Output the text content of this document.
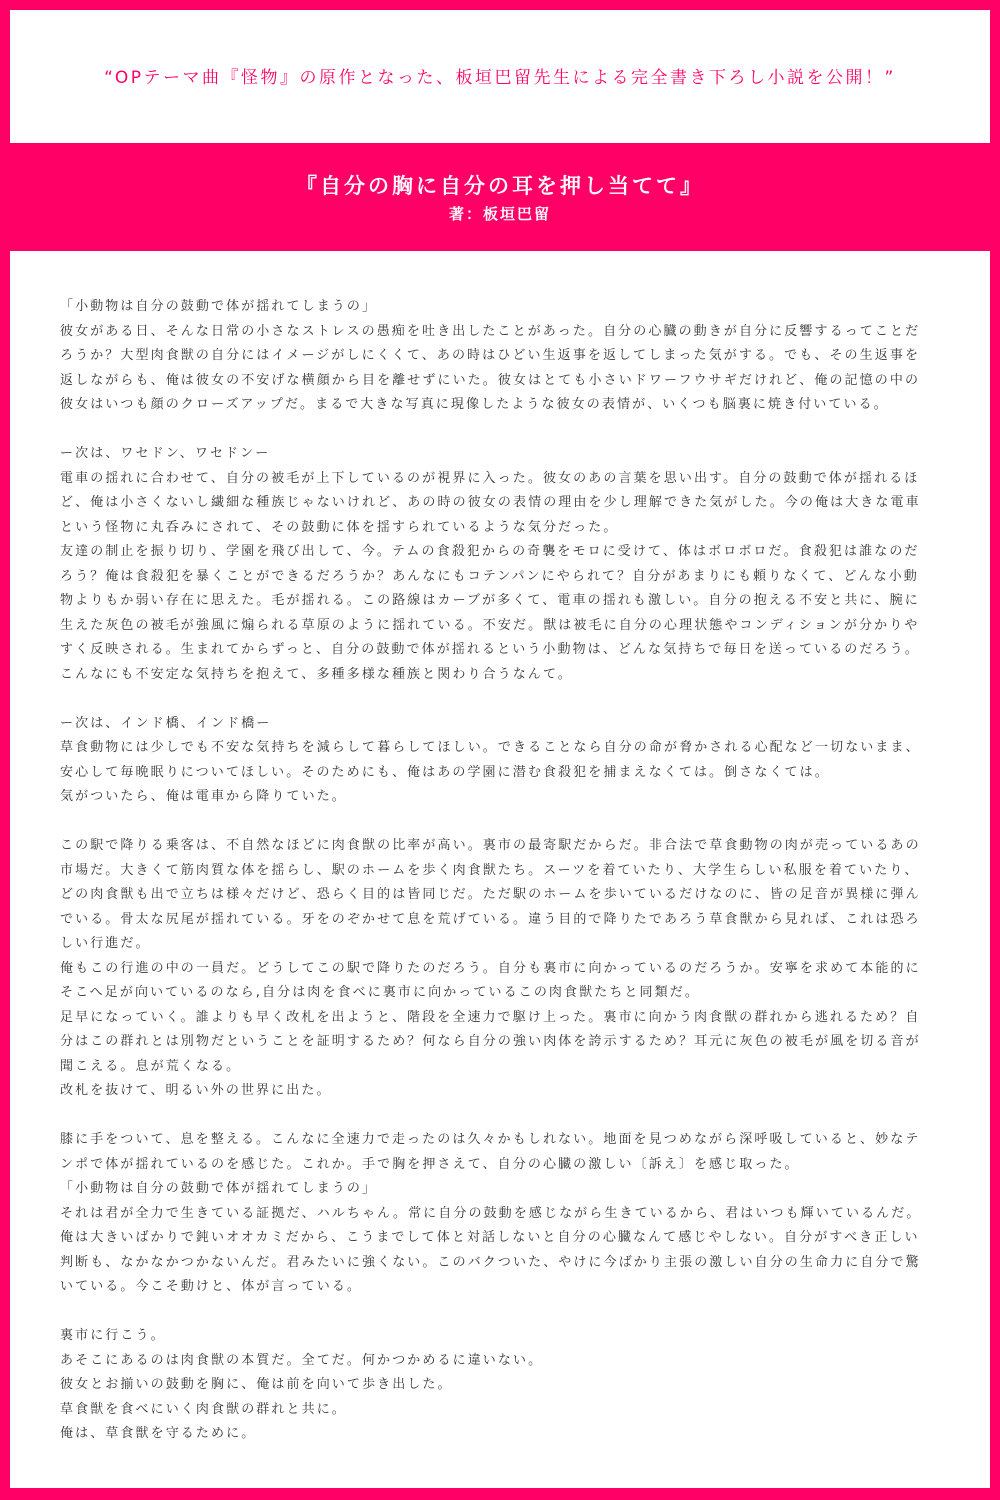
“OPテーマ曲『怪物』の原作となった、板垣巴留先生による完全書き下ろし小説を公開！”
『自分の胸に自分の耳を押し当てて』
著：板垣巴留
「小動物は自分の鼓動で体が揺れてしまうの」
彼女がある日、そんな日常の小さなストレスの愚痴を吐き出したことがあった。自分の心臓の動きが自分に反響するってことだ
ろうか？大型肉食獣の自分にはイメージがしにくくて、あの時はひどい生返事を返してしまった気がする。でも、その生返事を
返しながらも、俺は彼女の不安げな横顔から目を離せずにいた。彼女はとても小さいドワーフウサギだけれど、俺の記憶の中の
彼女はいつも顔のクローズアップだ。まるで大きな写真に現像したような彼女の表情が、いくつも脳裏に焼き付いている。
ー次は、ワセドン、ワセドンー
電車の揺れに合わせて、自分の被毛が上下しているのが視界に入った。彼女のあの言葉を思い出す。自分の鼓動で体が揺れるほ
ど、俺は小さくないし繊細な種族じゃないけれど、あの時の彼女の表情の理由を少し理解できた気がした。今の俺は大きな電車
という怪物に丸呑みにされて、その鼓動に体を揺すられているような気分だった。
友達の制止を振り切り、学園を飛び出して、今。テムの食殺犯からの奇襲をモロに受けて、体はボロボロだ。食殺犯は誰なのだ
ろう？俺は食殺犯を暴くことができるだろうか？あんなにもコテンパンにやられて？自分があまりにも頼りなくて、どんな小動
物よりもか弱い存在に思えた。毛が揺れる。この路線はカーブが多くて、電車の揺れも激しい。自分の抱える不安と共に、腕に
生えた灰色の被毛が強風に煽られる草原のように揺れている。不安だ。獣は被毛に自分の心理状態やコンディションが分かりや
すく反映される。生まれてからずっと、自分の鼓動で体が揺れるという小動物は、どんな気持ちで毎日を送っているのだろう。
こんなにも不安定な気持ちを抱えて、多種多様な種族と関わり合うなんて。
ー次は、インド橋、インド橋ー
草食動物には少しでも不安な気持ちを減らして暮らしてほしい。できることなら自分の命が脅かされる心配など一切ないまま、
安心して毎晩眠りについてほしい。そのためにも、俺はあの学園に潜む食殺犯を捕まえなくては。倒さなくては。
気がついたら、俺は電車から降りていた。
この駅で降りる乗客は、不自然なほどに肉食獣の比率が高い。裏市の最寄駅だからだ。非合法で草食動物の肉が売っているあの
市場だ。大きくて筋肉質な体を揺らし、駅のホームを歩く肉食獣たち。スーツを着ていたり、大学生らしい私服を着ていたり、
どの肉食獣も出で立ちは様々だけど、恐らく目的は皆同じだ。ただ駅のホームを歩いているだけなのに、皆の足音が異様に弾ん
でいる。骨太な尻尾が揺れている。牙をのぞかせて息を荒げている。違う目的で降りたであろう草食獣から見れば、これは恐ろ
しい行進だ。
俺もこの行進の中の一員だ。どうしてこの駅で降りたのだろう。自分も裏市に向かっているのだろうか。安寧を求めて本能的に
そこへ足が向いているのなら,自分は肉を食べに裏市に向かっているこの肉食獣たちと同類だ。
足早になっていく。誰よりも早く改札を出ようと、階段を全速力で駆け上った。裏市に向かう肉食獣の群れから逃れるため？自
分はこの群れとは別物だということを証明するため？何なら自分の強い肉体を誇示するため？耳元に灰色の被毛が風を切る音が
聞こえる。息が荒くなる。
改札を抜けて、明るい外の世界に出た。
膝に手をついて、息を整える。こんなに全速力で走ったのは久々かもしれない。地面を見つめながら深呼吸していると、妙なテ
ンポで体が揺れているのを感じた。これか。手で胸を押さえて、自分の心臓の激しい〔訴え〕を感じ取った。
「小動物は自分の鼓動で体が揺れてしまうの」
それは君が全力で生きている証拠だ、ハルちゃん。常に自分の鼓動を感じながら生きているから、君はいつも輝いているんだ。
俺は大きいばかりで鈍いオオカミだから、こうまでして体と対話しないと自分の心臓なんて感じやしない。自分がすべき正しい
判断も、なかなかつかないんだ。君みたいに強くない。このバクついた、やけに今ばかり主張の激しい自分の生命力に自分で驚
いている。今こそ動けと、体が言っている。
裏市に行こう。
あそこにあるのは肉食獣の本質だ。全てだ。何かつかめるに違いない。
彼女とお揃いの鼓動を胸に、俺は前を向いて歩き出した。
草食獣を食べにいく肉食獣の群れと共に。
俺は、草食獣を守るために。
